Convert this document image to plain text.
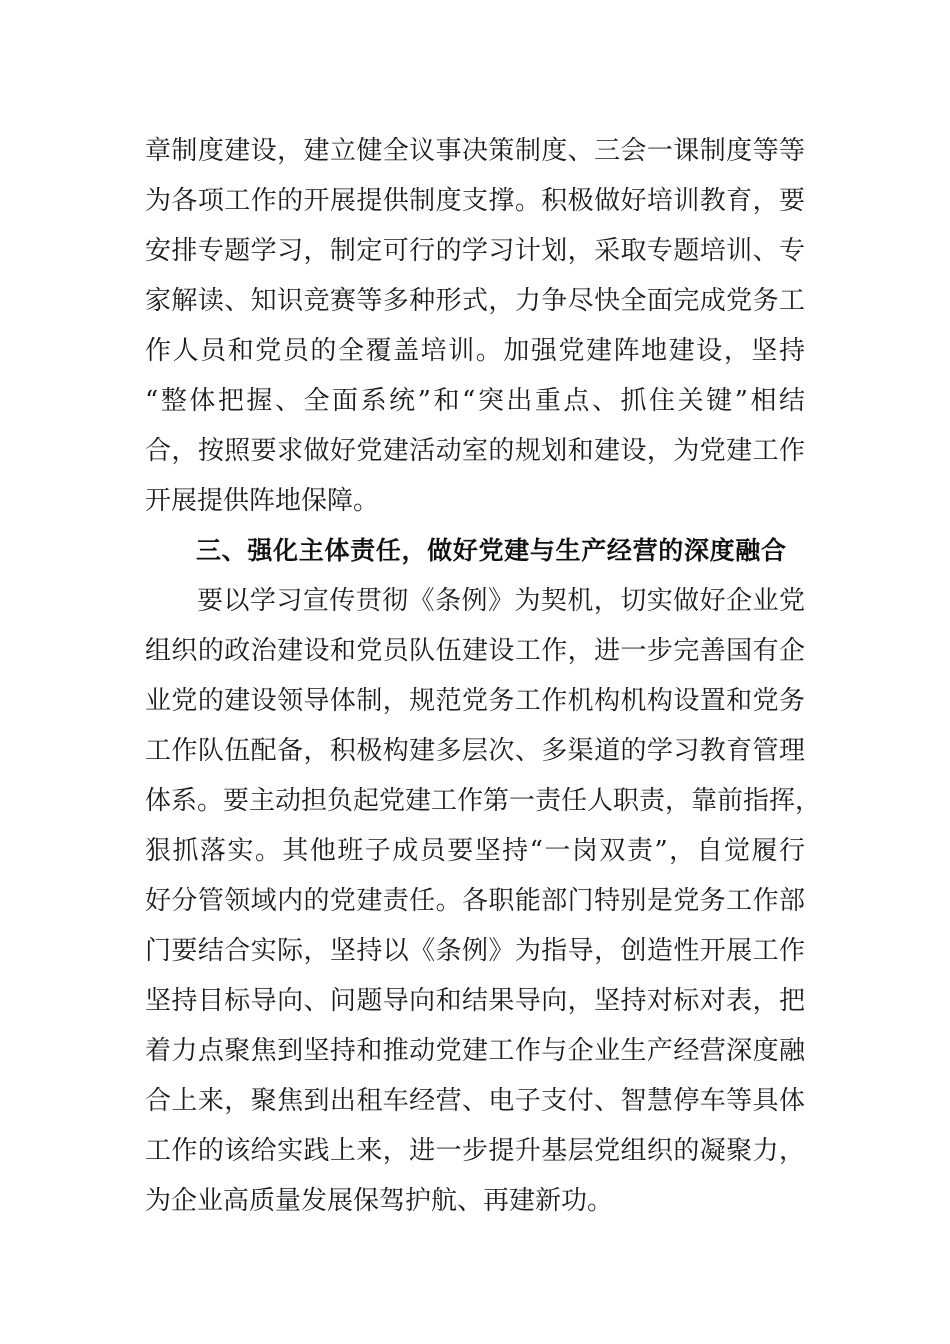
章制度建设，建立健全议事决策制度、三会一课制度等等
为各项工作的开展提供制度支撑。积极做好培训教育，要
安排专题学习，制定可行的学习计划，采取专题培训、专
家解读、知识竞赛等多种形式，力争尽快全面完成党务工
作人员和党员的全覆盖培训。加强党建阵地建设，坚持
“整体把握、全面系统”和“突出重点、抓住关键”相结
合，按照要求做好党建活动室的规划和建设，为党建工作
开展提供阵地保障。
三、强化主体责任，做好党建与生产经营的深度融合
要以学习宣传贯彻《条例》为契机，切实做好企业党
组织的政治建设和党员队伍建设工作，进一步完善国有企
业党的建设领导体制，规范党务工作机构机构设置和党务
工作队伍配备，积极构建多层次、多渠道的学习教育管理
体系。要主动担负起党建工作第一责任人职责，靠前指挥，
狠抓落实。其他班子成员要坚持“一岗双责”，自觉履行
好分管领域内的党建责任。各职能部门特别是党务工作部
门要结合实际，坚持以《条例》为指导，创造性开展工作
坚持目标导向、问题导向和结果导向，坚持对标对表，把
着力点聚焦到坚持和推动党建工作与企业生产经营深度融
合上来，聚焦到出租车经营、电子支付、智慧停车等具体
工作的该给实践上来，进一步提升基层党组织的凝聚力，
为企业高质量发展保驾护航、再建新功。
